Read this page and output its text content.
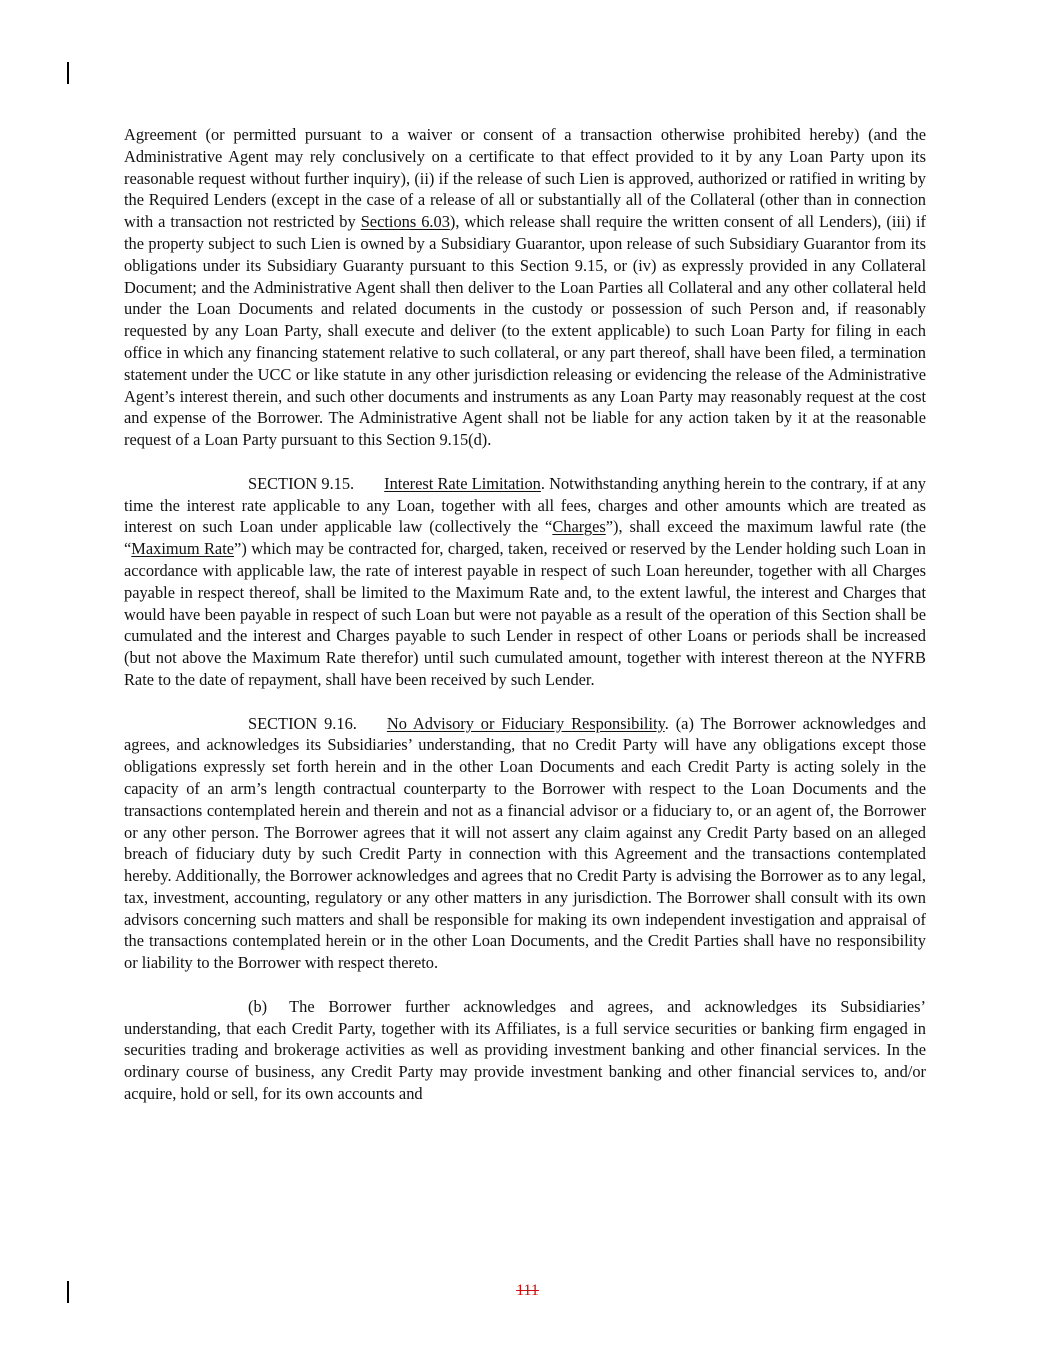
Agreement (or permitted pursuant to a waiver or consent of a transaction otherwise prohibited hereby) (and the Administrative Agent may rely conclusively on a certificate to that effect provided to it by any Loan Party upon its reasonable request without further inquiry), (ii) if the release of such Lien is approved, authorized or ratified in writing by the Required Lenders (except in the case of a release of all or substantially all of the Collateral (other than in connection with a transaction not restricted by Sections 6.03), which release shall require the written consent of all Lenders), (iii) if the property subject to such Lien is owned by a Subsidiary Guarantor, upon release of such Subsidiary Guarantor from its obligations under its Subsidiary Guaranty pursuant to this Section 9.15, or (iv) as expressly provided in any Collateral Document; and the Administrative Agent shall then deliver to the Loan Parties all Collateral and any other collateral held under the Loan Documents and related documents in the custody or possession of such Person and, if reasonably requested by any Loan Party, shall execute and deliver (to the extent applicable) to such Loan Party for filing in each office in which any financing statement relative to such collateral, or any part thereof, shall have been filed, a termination statement under the UCC or like statute in any other jurisdiction releasing or evidencing the release of the Administrative Agent’s interest therein, and such other documents and instruments as any Loan Party may reasonably request at the cost and expense of the Borrower. The Administrative Agent shall not be liable for any action taken by it at the reasonable request of a Loan Party pursuant to this Section 9.15(d).

SECTION 9.15. Interest Rate Limitation. Notwithstanding anything herein to the contrary, if at any time the interest rate applicable to any Loan, together with all fees, charges and other amounts which are treated as interest on such Loan under applicable law (collectively the “Charges”), shall exceed the maximum lawful rate (the “Maximum Rate”) which may be contracted for, charged, taken, received or reserved by the Lender holding such Loan in accordance with applicable law, the rate of interest payable in respect of such Loan hereunder, together with all Charges payable in respect thereof, shall be limited to the Maximum Rate and, to the extent lawful, the interest and Charges that would have been payable in respect of such Loan but were not payable as a result of the operation of this Section shall be cumulated and the interest and Charges payable to such Lender in respect of other Loans or periods shall be increased (but not above the Maximum Rate therefor) until such cumulated amount, together with interest thereon at the NYFRB Rate to the date of repayment, shall have been received by such Lender.

SECTION 9.16. No Advisory or Fiduciary Responsibility. (a) The Borrower acknowledges and agrees, and acknowledges its Subsidiaries’ understanding, that no Credit Party will have any obligations except those obligations expressly set forth herein and in the other Loan Documents and each Credit Party is acting solely in the capacity of an arm’s length contractual counterparty to the Borrower with respect to the Loan Documents and the transactions contemplated herein and therein and not as a financial advisor or a fiduciary to, or an agent of, the Borrower or any other person. The Borrower agrees that it will not assert any claim against any Credit Party based on an alleged breach of fiduciary duty by such Credit Party in connection with this Agreement and the transactions contemplated hereby. Additionally, the Borrower acknowledges and agrees that no Credit Party is advising the Borrower as to any legal, tax, investment, accounting, regulatory or any other matters in any jurisdiction. The Borrower shall consult with its own advisors concerning such matters and shall be responsible for making its own independent investigation and appraisal of the transactions contemplated herein or in the other Loan Documents, and the Credit Parties shall have no responsibility or liability to the Borrower with respect thereto.

(b) The Borrower further acknowledges and agrees, and acknowledges its Subsidiaries’ understanding, that each Credit Party, together with its Affiliates, is a full service securities or banking firm engaged in securities trading and brokerage activities as well as providing investment banking and other financial services. In the ordinary course of business, any Credit Party may provide investment banking and other financial services to, and/or acquire, hold or sell, for its own accounts and

111
